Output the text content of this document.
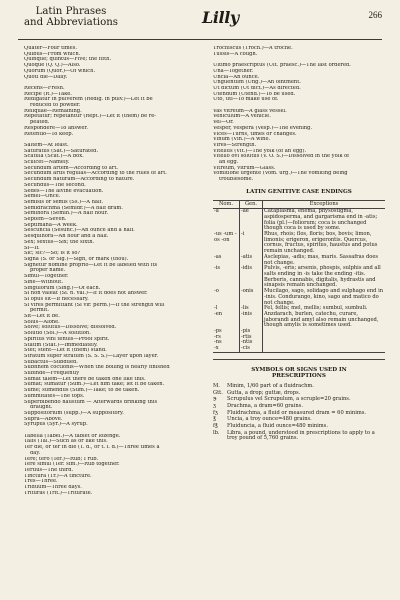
Latin Phrases
and Abbreviations	Lilly	266
Quater—Four times.
Quibus—From which.
Quinque; quintus—Five; the fifth.
Quoque (Q. Q.)—Also.
Quorum (Quor.)—Of which.
Quoti die—Daily.
Recens—Fresh.
Recipe (R.)—Take.
Redigatur in pulverem (Redig. in pulv.)—Let it be
reduced to powder.
Reliquae—Remaining.
Repetatur; repetantur (Rept.)—Let it (them) be re-
peated.
Respondere—To answer.
Retentio—To keep.
Saltem—At least.
Saturatus (Sat.)—Saturated.
Scatula (Scat.)—A box.
Scilicet—Namely.
Secundum artem—According to art.
Secundum artis regulas—According to the rules of art.
Secundum naturam—According to nature.
Secundus—The second.
Sedes—The alvine evacuation.
Semel—Once.
Semisis or semis (Ss.)—A half.
Semidrachma (Semidr.)—A half dram.
Semihora (Semih.)—A half hour.
Septem—Seven.
Septimana—A week.
Sescuncia (Sesunc.)—An ounce and a half.
Sesquihora—An hour and a half.
Sex; sextus—Six; the sixth.
Si—If.
Sic; sic?—So; is it so?
Signa (S. or Sig.)—Sign, or mark (thou).
Signetur nomine proprio—Let it be labeled with its
proper name.
Simul—Together.
Sine—Without.
Singulorum (Sing.)—Of each.
Si non valeat (Si. n. val.)—If it does not answer.
Si opus sit—If necessary.
Si vires permittant (Si vir. perm.)—If the strength will
permit.
Sit—Let it be.
Solus—Alone.
Solve; solutus—Dissolve; dissolved.
Solutio (Sol.)—A solution.
Spiritus vini tenuis—Proof spirit.
Statim (Stat.)—Immediately.
Stet; stent—Let it (them) stand.
Stratum super stratum (S. S. S.)—Layer upon layer.
Subactus—Subdued.
Subfinem coctionis—When the boiling is nearly finished
Subinde—Frequently
Sumat talem—Let there be taken one like this.
Sumat; sumatur (Sum.)—Let him take; let it be taken.
Sume; sumendus (Sum.)—Take; to be taken.
Summitates—The tops.
Superbibendo haustum — Afterwards drinking this
draught.
Suppositorium (supp.)—A suppository.
Supra—Above.
Syrupus (Syr.)—A syrup.
Tabella (Tabel.)—A tablet or lozenge.
Talis (Tal.)—Such as or like this.
Ter die, or ter in die (T. d., or t. i. d.)—Three times a
day.
Tere; tero (Ter.)—Rub; I rub.
Tere simul (Ter. sim.)—Rub together.
Tertius—The third.
Tinctura (Tr.)—A tincture.
Tres—Three.
Triduum—Three days.
Trituras (Trit.)—Triturate.
Trochiscus (Troch.)—A troche.
Tussis—A cough.
Ultimo praescriptus (Ult. praesc.)—The last ordered.
Una—Together.
Uncia—An ounce.
Unguentum (Ung.)—An ointment.
Ut dictum (Ut dict.)—As directed.
Utendum (Utend.)—To be used.
Uto, uti—To make use of.
Vas vitreum—A glass vessel.
Vehiculum—A vehicle.
Vel—Or.
Vesper, vespera (Vesp.)—The evening.
Vices—Turns, times or changes.
Vinum (Vin.)—A wine.
Vires—Strength.
Vitellus (Vit.)—The yolk (of an egg).
Vitello ovi solutus (V. O. S.)—Dissolved in the yolk of
an egg.
Vitreum, vitrum—Glass.
Vomitione urgente (Vom. urg.)—The vomiting being
troublesome.
LATIN GENITIVE CASE ENDINGS
Nom.	Gen.	Exceptions
-a	-ae	Cataplasma, enema, physostigma, aspidosperma, and gargarisma end in -atis; folia (pl.)—foliorum; coca is unchanged though coca is used by some.
-us -um -os -on	-i	Rhus, rhois; flos, floris; bos, bovis; limon, limonis; erigeron, erigerontis. Quercus, cornus, fructus, spiritus, haustus and potus remain unchanged.
-as	-atis	Asclepias, -adis; mas, maris. Sassafras does not change.
-is	-idis	Pulvis, -eris; arsenis, phospis, sulphis and all salts ending in -is take the ending -itis. Berberis, cannabis, digitalis, hydrastis and sinapsis remain unchanged.
-o	-onis	Mucilago, sago, solidago and sulphago end in -inis. Condurango, kino, sago and matico do not change.
-l	-lis	Fel, fellis; mel, mellis; sumbul, sumbuli.
-en	-inis	Anzdarach, burlen, catechu, curare, jaborandi and amyl also remain unchanged, though amylis is sometimes used.
-ps	-pis	
-rs	-rtis	
-ns	-ntis	
-x	-cis	
SYMBOLS OR SIGNS USED IN
PRESCRIPTIONS
M.	Minim, 1/60 part of a fluidrachm.
Gtt. Gutta, a drop; guttæ, drops.
℈	Scrupulus vel Scrupulum, a scruple=20 grains.
ʒ	Drachma, a dram=60 grains.
fʒ	Fluidrachma, a fluid or measured dram = 60 minims.
℥	Uncia, a troy ounce=480 grains.
f℥	Fluiduncia, a fluid ounce=480 minims.
lb.	Libra, a pound, understood in prescriptions to apply to a troy pound of 5,760 grains.
